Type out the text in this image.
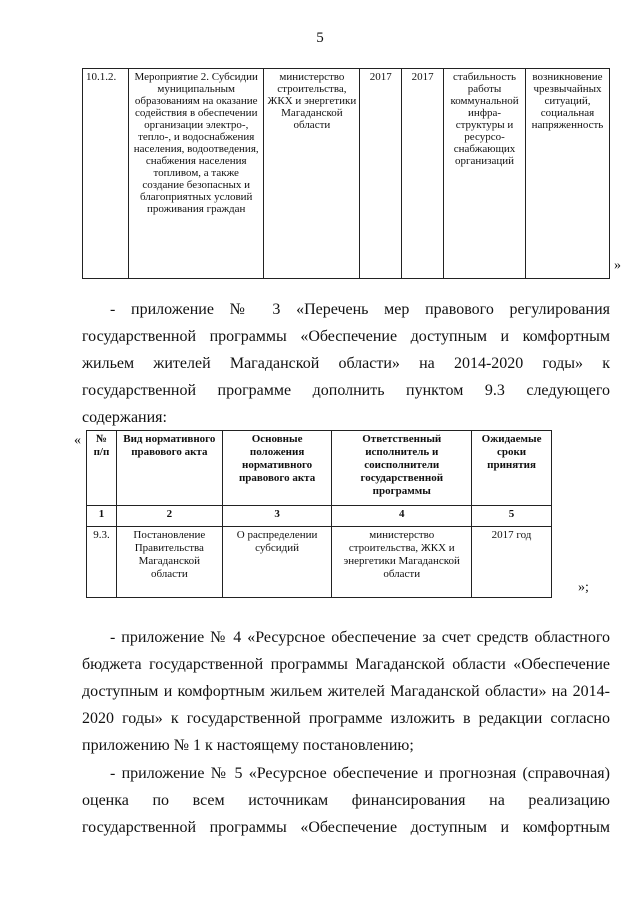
5
10.1.2.	Мероприятие 2. Субсидии муниципальным образованиям на оказание содействия в обеспечении организации электро-, тепло-, и водоснабжения населения, водоотведения, снабжения населения топливом, а также создание безопасных и благоприятных условий проживания граждан	министерство строительства, ЖКХ и энергетики Магаданской области	2017	2017	стабильность работы коммунальной инфра-структуры и ресурсо-снабжающих организаций	возникновение чрезвычайных ситуаций, социальная напряженность
»
- приложение № 3 «Перечень мер правового регулирования
государственной программы «Обеспечение доступным и комфортным
жильем жителей Магаданской области» на 2014-2020 годы» к
государственной программе дополнить пунктом 9.3 следующего
содержания:
« № п/п	Вид нормативного правового акта	Основные положения нормативного правового акта	Ответственный исполнитель и соисполнители государственной программы	Ожидаемые сроки принятия
1	2	3	4	5
9.3.	Постановление Правительства Магаданской области	О распределении субсидий	министерство строительства, ЖКХ и энергетики Магаданской области	2017 год
»;
- приложение № 4 «Ресурсное обеспечение за счет средств областного
бюджета государственной программы Магаданской области «Обеспечение
доступным и комфортным жильем жителей Магаданской области» на 2014-
2020 годы» к государственной программе изложить в редакции согласно
приложению № 1 к настоящему постановлению;
- приложение № 5 «Ресурсное обеспечение и прогнозная (справочная)
оценка по всем источникам финансирования на реализацию
государственной программы «Обеспечение доступным и комфортным
